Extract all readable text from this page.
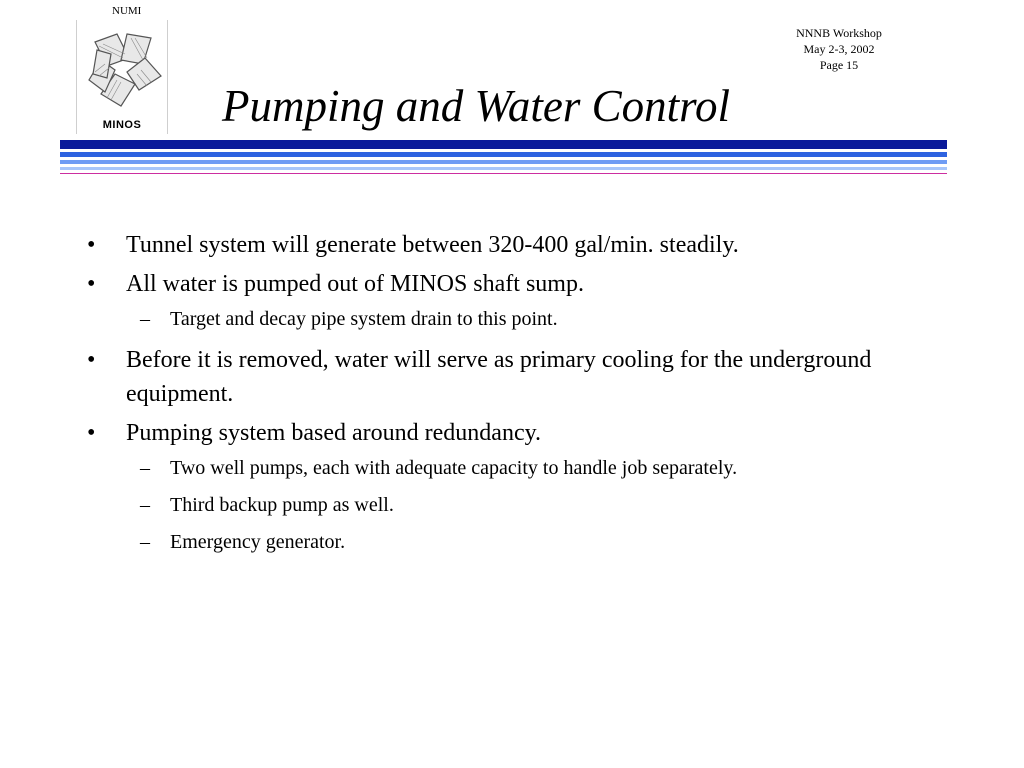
NUMI
MINOS
NNNB Workshop
May 2-3, 2002
Page 15
Pumping and Water Control
• Tunnel system will generate between 320-400 gal/min. steadily.
• All water is pumped out of MINOS shaft sump.
– Target and decay pipe system drain to this point.
• Before it is removed, water will serve as primary cooling for the underground equipment.
• Pumping system based around redundancy.
– Two well pumps, each with adequate capacity to handle job separately.
– Third backup pump as well.
– Emergency generator.
